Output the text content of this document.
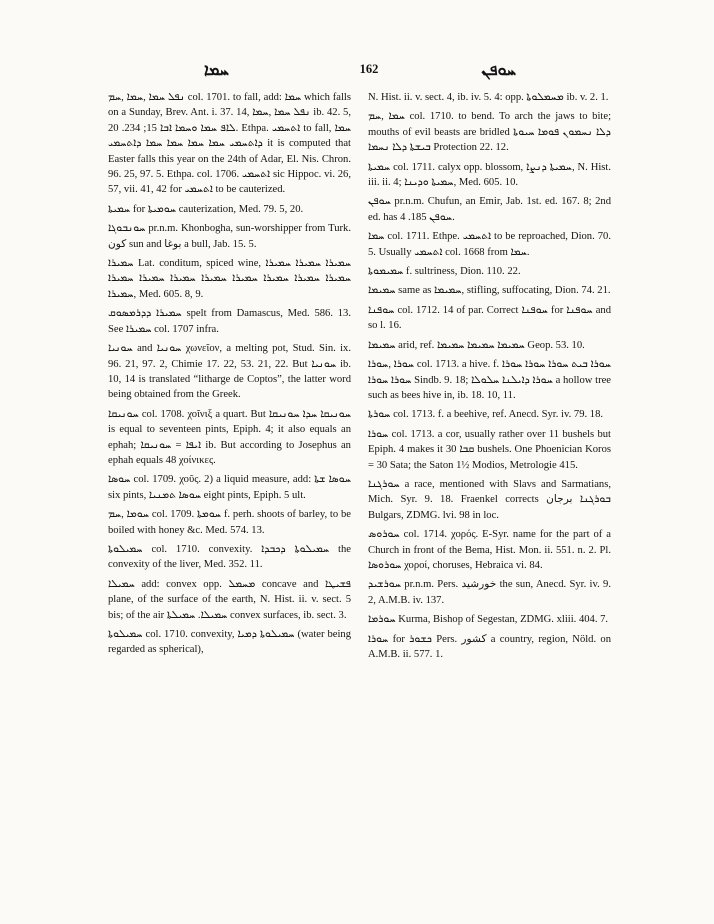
ܚܡܐ	162	ܚܘܦܢ

ܢܦܠ ܚܡܐ ,ܚܡܐ ,ܚܡ col. 1701. to fall, add: ܚܡܐ which falls on a Sunday, Brev. Ant. i. 37. 14, ܢܦܠ ܚܡܐ ,ܚܡܐ ib. 42. 5, ܠܐܦ ܚܡܐ ܘܚܡܐ ܐܒܐ 15; 234. 20. Ethpa. ܐܬܚܡܝ to fall, ܚܡܐ ܕܐܬܚܡܝ ܚܡܐ ܚܡܐ ܚܡܐ ܚܡܐ ܕܐܬܚܡܝ it is computed that Easter falls this year on the 24th of Adar, El. Nis. Chron. 96. 25, 97. 5. Ethpa. col. 1706. ܐܬܚܡܝ sic Hippoc. vi. 26, 57, vii. 41, 42 for ܐܬܚܡܝ to be cauterized.

ܚܡܝܬܐ for ܚܘܡܝܬܐ cauterization, Med. 79. 5, 20.

ܚܘܢܒܘܓܐ pr.n.m. Khonbogha, sun-worshipper from Turk. کون sun and بوغا a bull, Jab. 15. 5.

ܚܡܝܪܐ Lat. conditum, spiced wine, ܚܡܝܪܐ ܚܡܝܪܐ ܚܡܝܪܐ ܚܡܝܪܐ ܚܡܝܪܐ ܚܡܝܪܐ ܚܡܝܪܐ ܚܡܝܪܐ ܚܡܝܪܐ ܚܡܝܪܐ ܚܡܝܪܐ ܚܡܝܪܐ, Med. 605. 8, 9.

ܚܡܝܪܐ ܕܕܪܡܣܘܩ spelt from Damascus, Med. 586. 13. See ܚܡܝܪܐ col. 1707 infra.

ܚܘܢܝܐ and ܚܘܢܝܐ χωνεῖον, a melting pot, Stud. Sin. ix. 96. 21, 97. 2, Chimie 17. 22, 53. 21, 22. But ܚܘܢܝܐ ib. 10, 14 is translated “litharge de Coptos”, the latter word being obtained from the Greek.

ܚܘܢܝܩܐ col. 1708. χοῖνιξ a quart. But ܚܘܢܝܩܐ ܚܕܐ ܚܘܢܝܩܐ is equal to seventeen pints, Epiph. 4; it also equals an ephah; ܐܝܦܐ = ܚܘܢܝܩܐ ib. But according to Josephus an ephah equals 48 χοίνικες.

ܚܘܣܐ col. 1709. χοῦς. 2) a liquid measure, add: ܚܘܣܐ ܫܬܐ six pints, ܚܘܣܐ ܬܡܢܝܐ eight pints, Epiph. 5 ult.

ܚܘܡܐ ,ܚܡ col. 1709. ܚܘܡܬܐ f. perh. shoots of barley, to be boiled with honey &c. Med. 574. 13.

ܚܡܝܠܘܬܐ col. 1710. convexity. ܚܡܝܠܘܬܐ ܕܟܒܕܐ the convexity of the liver, Med. 352. 11.

ܚܡܝܠܐ add: convex opp. ܡܚܡܠ concave and ܦܫܝܛܐ plane, of the surface of the earth, N. Hist. ii. v. sect. 5 bis; of the air ܚܡܝܠܐ. ܚܡܝܠܬܐ convex surfaces, ib. sect. 3.

ܚܡܝܠܘܬܐ col. 1710. convexity, ܚܡܝܠܘܬܐ ܕܡܝܐ (water being regarded as spherical),

N. Hist. ii. v. sect. 4, ib. iv. 5. 4: opp. ܡܚܡܠܘܬܐ ib. v. 2. 1.

ܚܡܐ ,ܚܡ col. 1710. to bend. To arch the jaws to bite; mouths of evil beasts are bridled ܕܠܐ ܢܚܡܘܢ ܦܘܡܐ ܚܝܘܬܐ ܒܝܫܬܐ ܕܠܐ ܢܚܡܐ Protection 22. 12.

ܚܡܝܬܐ col. 1711. calyx opp. blossom, ܚܡܝܬܐ ܕܢܨܐ, N. Hist. iii. ii. 4; ܚܡܝܬܐ ܘܕܝܢܐ, Med. 605. 10.

ܚܘܦܢ pr.n.m. Chufun, an Emir, Jab. 1st. ed. 167. 8; 2nd ed. has ܚܘܦܢ 185. 4.

ܚܡܐ col. 1711. Ethpe. ܐܬܚܡܝ to be reproached, Dion. 70. 5. Usually ܐܬܚܡܝ col. 1668 from ܚܡܐ.

ܚܡܝܡܘܬܐ f. sultriness, Dion. 110. 22.

ܚܡܝܡܐ same as ܚܡܝܡܐ, stifling, suffocating, Dion. 74. 21.

ܚܘܦܢܐ col. 1712. 14 of par. Correct ܚܘܦܢܐ for ܚܘܦܢܐ and so l. 16.

ܚܡܝܡܐ arid, ref. ܚܡܝܡܐ ܚܡܝܡܐ ܚܡܝܡܐ Geop. 53. 10.

ܚܘܪܐ ,ܚܘܪܐ col. 1713. a hive. f. ܚܘܪܐ ܒܝܬ ܚܘܪܐ ܚܘܪܐ ܚܘܪܐ ܚܘܪܐ ܚܘܪܐ Sindb. 9. 18; ܚܘܪܐ ܕܐܝܠܢܐ ܚܠܘܠܐ a hollow tree such as bees hive in, ib. 18. 10, 11.

ܚܘܪܬܐ col. 1713. f. a beehive, ref. Anecd. Syr. iv. 79. 18.

ܚܘܪܐ col. 1713. a cor, usually rather over 11 bushels but Epiph. 4 makes it 30 ܩܒܐ bushels. One Phoenician Koros = 30 Sata; the Saton 1½ Modios, Metrologie 415.

ܚܘܪܓܢܐ a race, mentioned with Slavs and Sarmatians, Mich. Syr. 9. 18. Fraenkel corrects ܒܘܪܓܢܐ برجان Bulgars, ZDMG. lvi. 98 in loc.

ܚܘܪܘܣ col. 1714. χορός. E-Syr. name for the part of a Church in front of the Bema, Hist. Mon. ii. 551. n. 2. Pl. ܚܘܪܘܣܐ χοροί, choruses, Hebraica vi. 84.

ܚܘܪܫܝܕ pr.n.m. Pers. خورشید the sun, Anecd. Syr. iv. 9. 2, A.M.B. iv. 137.

ܚܘܪܡܐ Kurma, Bishop of Segestan, ZDMG. xliii. 404. 7.

ܚܘܪܐ for ܟܫܘܪ Pers. کشور a country, region, Nöld. on A.M.B. ii. 577. 1.
